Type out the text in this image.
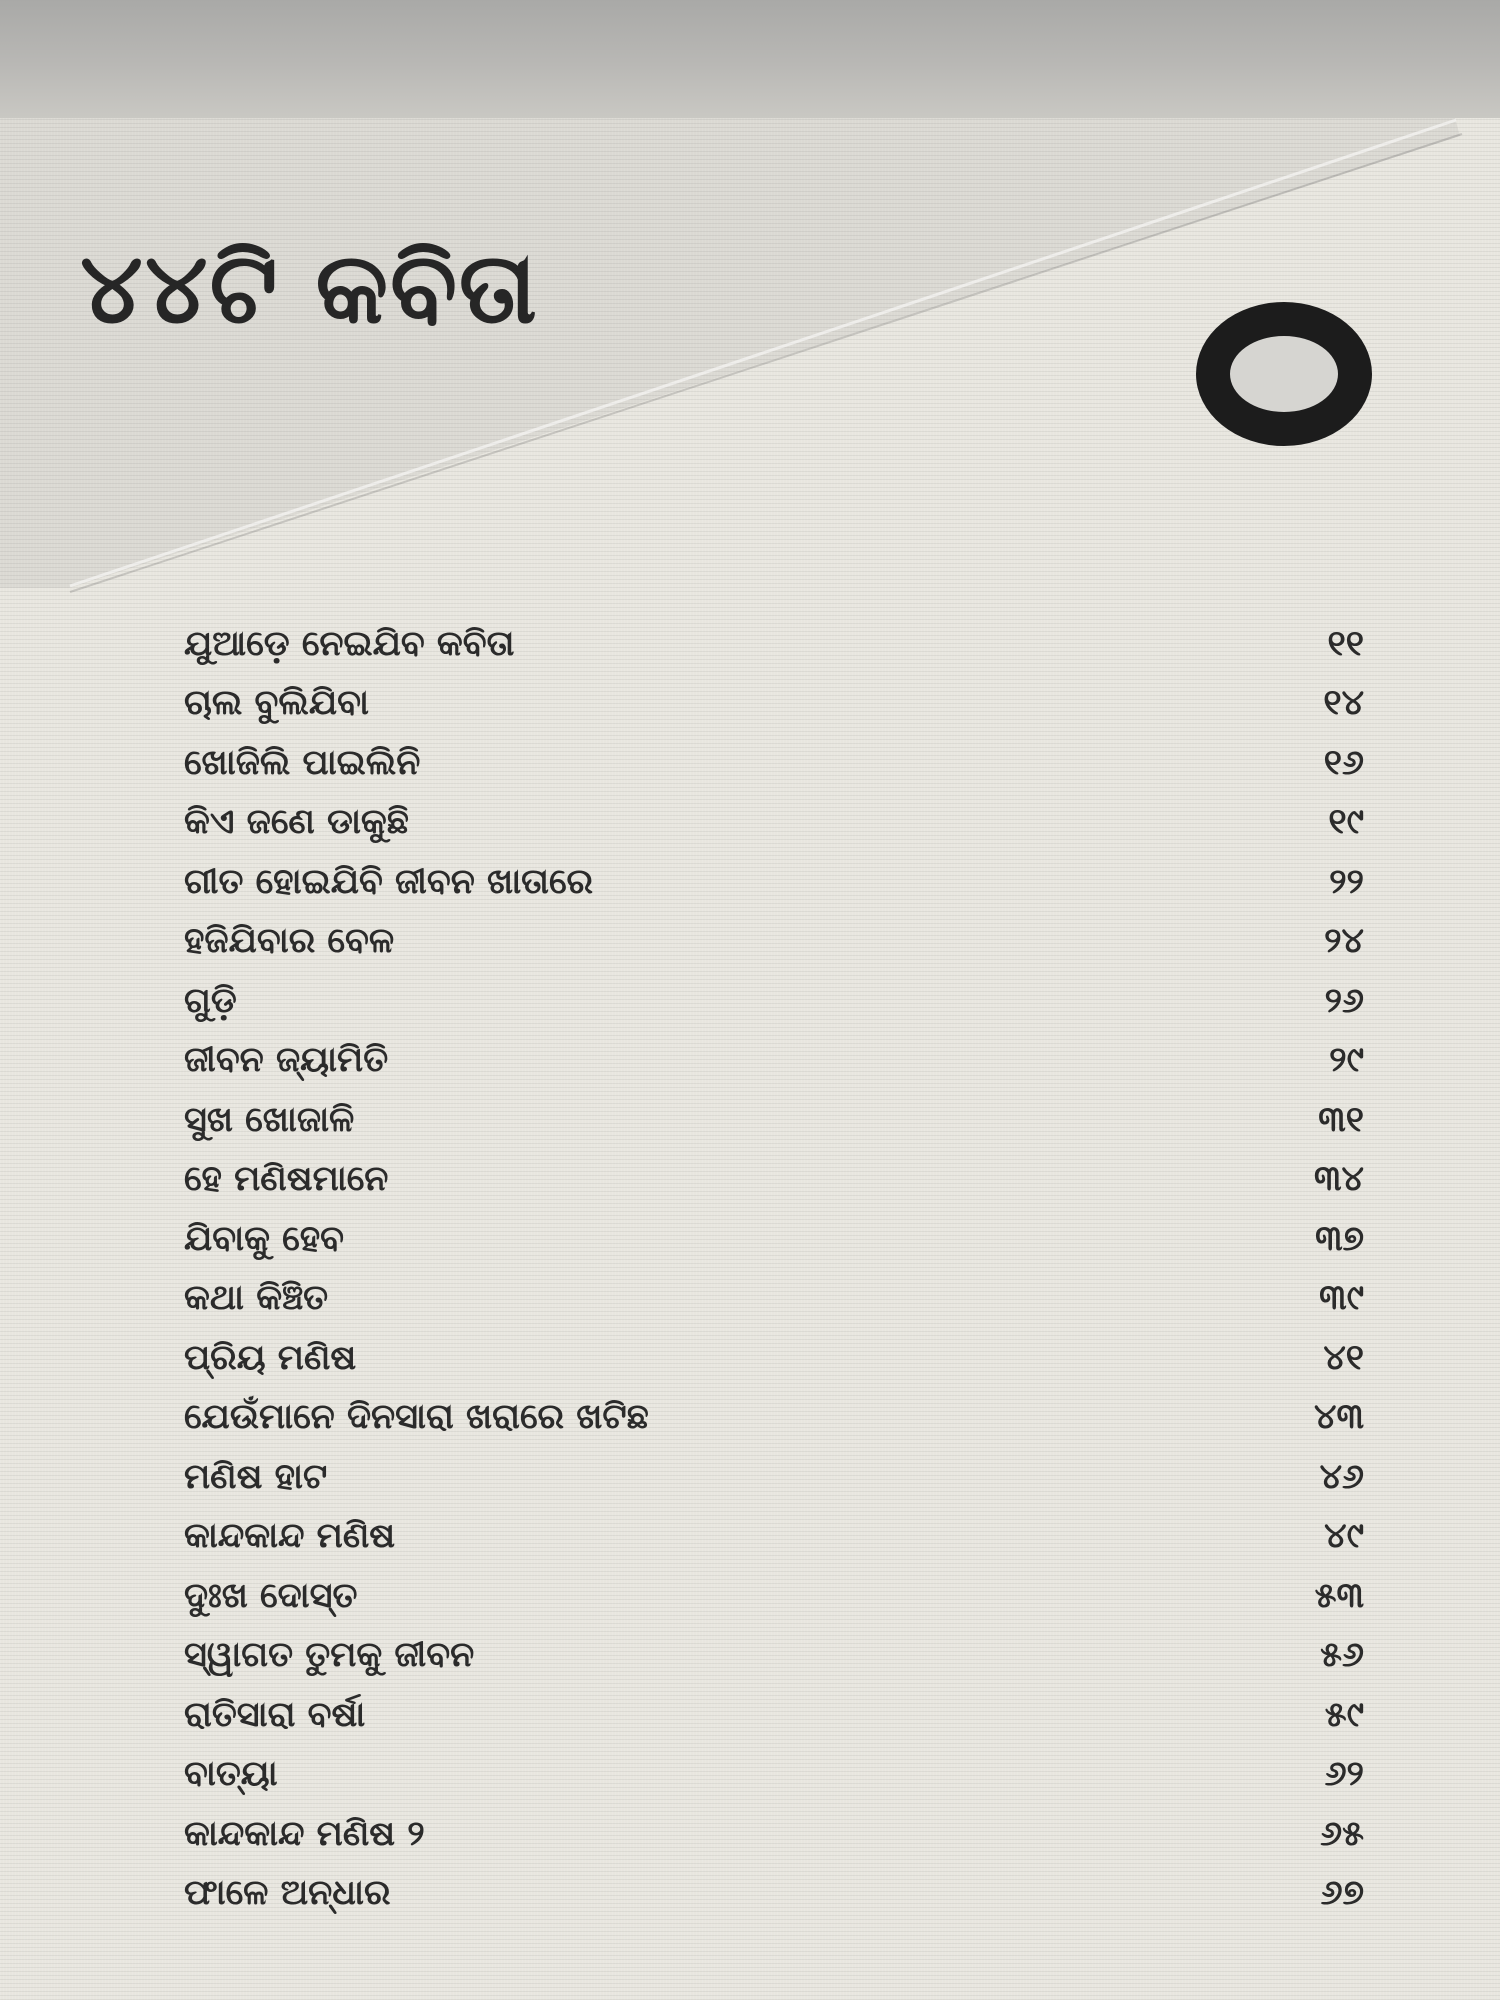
୪୪ଟି କବିତା
ଯୁଆଡ଼େ ନେଇଯିବ କବିତା	୧୧
ଚାଲ ବୁଲିଯିବା	୧୪
ଖୋଜିଲି ପାଇଲିନି	୧୬
କିଏ ଜଣେ ଡାକୁଛି	୧୯
ଗୀତ ହୋଇଯିବି ଜୀବନ ଖାତାରେ	୨୨
ହଜିଯିବାର ବେଳ	୨୪
ଗୁଡ଼ି	୨୬
ଜୀବନ ଜ୍ୟାମିତି	୨୯
ସୁଖ ଖୋଜାଳି	୩୧
ହେ ମଣିଷମାନେ	୩୪
ଯିବାକୁ ହେବ	୩୭
କଥା କିଞ୍ଚିତ	୩୯
ପ୍ରିୟ ମଣିଷ	୪୧
ଯେଉଁମାନେ ଦିନସାରା ଖରାରେ ଖଟିଛ	୪୩
ମଣିଷ ହାଟ	୪୬
କାନ୍ଦକାନ୍ଦ ମଣିଷ	୪୯
ଦୁଃଖ ଦୋସ୍ତ	୫୩
ସ୍ୱାଗତ ତୁମକୁ ଜୀବନ	୫୬
ରାତିସାରା ବର୍ଷା	୫୯
ବାତ୍ୟା	୬୨
କାନ୍ଦକାନ୍ଦ ମଣିଷ ୨	୬୫
ଫାଳେ ଅନ୍ଧାର	୬୭
